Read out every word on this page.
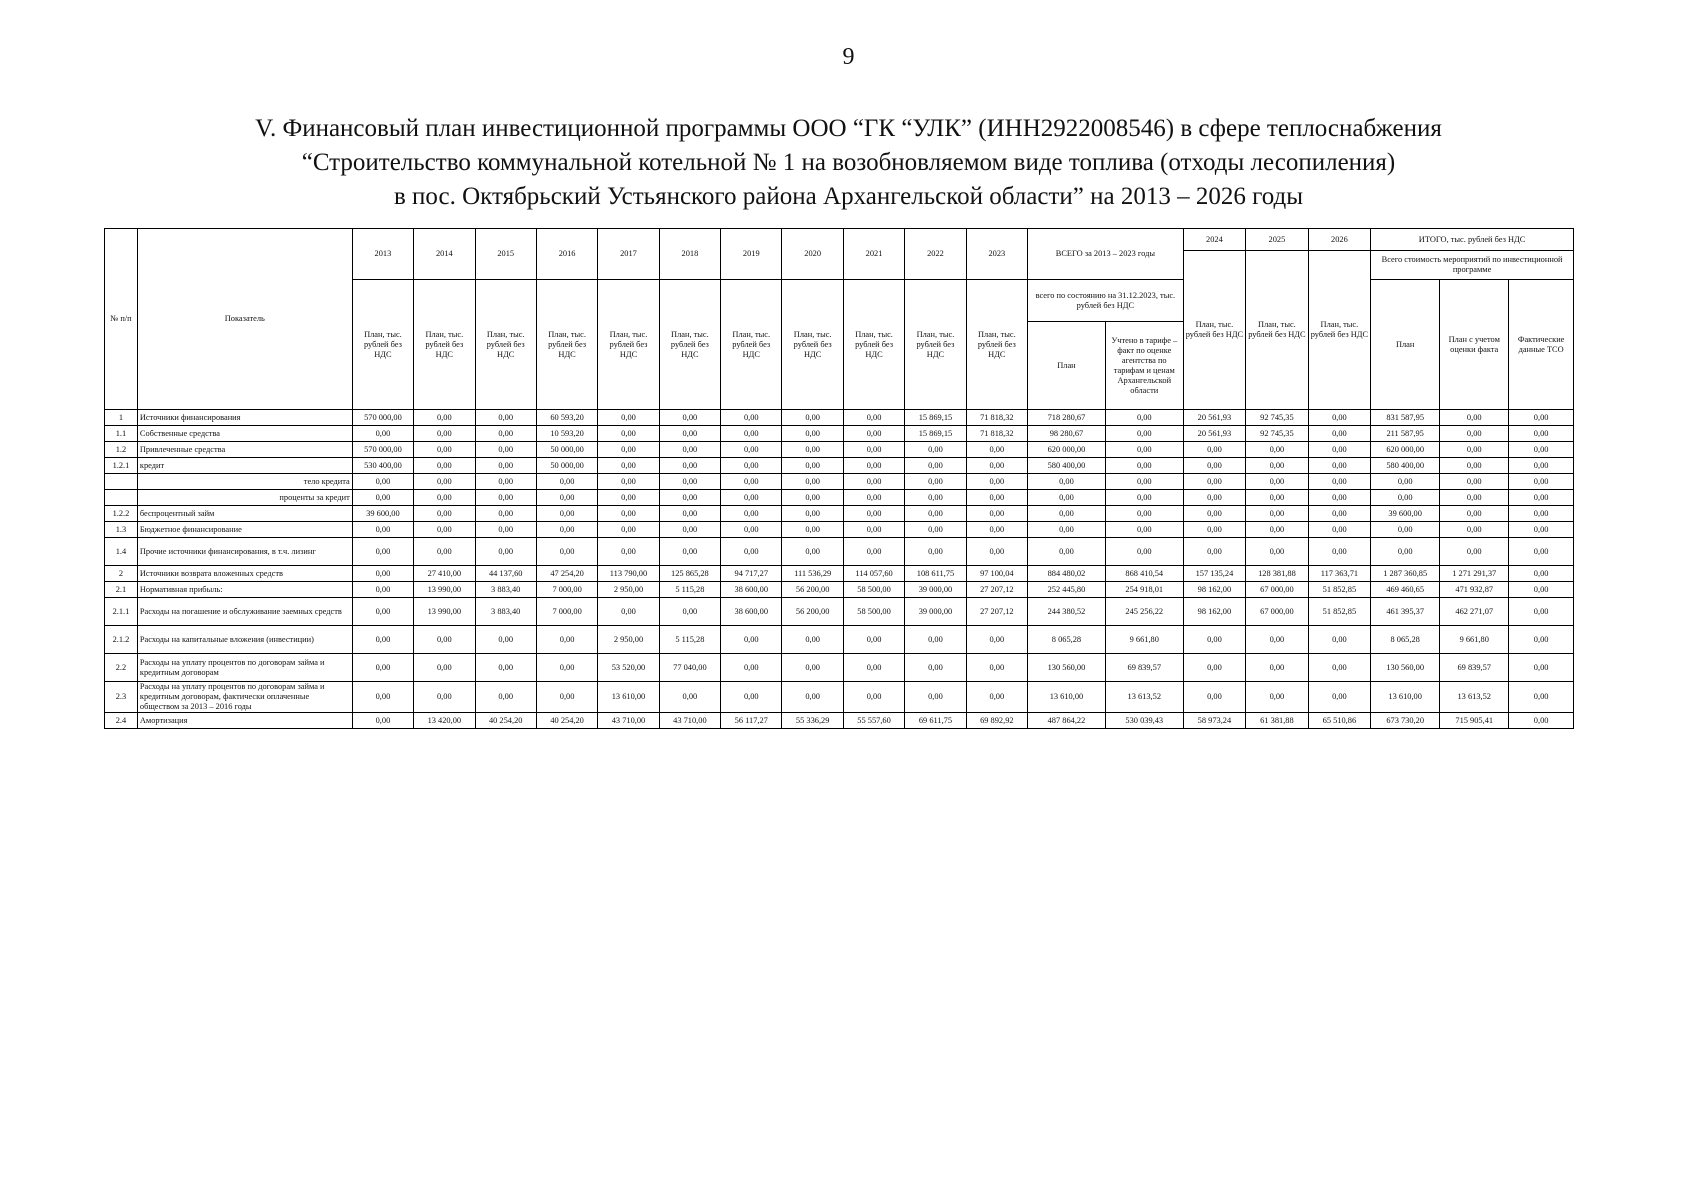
9
V. Финансовый план инвестиционной программы ООО “ГК “УЛК” (ИНН2922008546) в сфере теплоснабжения
“Строительство коммунальной котельной № 1 на возобновляемом виде топлива (отходы лесопиления)
в пос. Октябрьский Устьянского района Архангельской области” на 2013 – 2026 годы
№ п/п	Показатель	2013	2014	2015	2016	2017	2018	2019	2020	2021	2022	2023	ВСЕГО за 2013 – 2023 годы		2024	2025	2026	ИТОГО, тыс. рублей без НДС		
															План, тыс. рублей без НДС	План, тыс. рублей без НДС	План, тыс. рублей без НДС	Всего стоимость мероприятий по инвестиционной программе		
		План, тыс. рублей без НДС	План, тыс. рублей без НДС	План, тыс. рублей без НДС	План, тыс. рублей без НДС	План, тыс. рублей без НДС	План, тыс. рублей без НДС	План, тыс. рублей без НДС	План, тыс. рублей без НДС	План, тыс. рублей без НДС	План, тыс. рублей без НДС	План, тыс. рублей без НДС	всего по состоянию на 31.12.2023, тыс. рублей без НДС					План	План с учетом оценки факта	Фактические данные ТСО
													План	Учтено в тарифе – факт по оценке агентства по тарифам и ценам Архангельской области						
1	Источники финансирования	570 000,00	0,00	0,00	60 593,20	0,00	0,00	0,00	0,00	0,00	15 869,15	71 818,32	718 280,67	0,00	20 561,93	92 745,35	0,00	831 587,95	0,00	0,00
1.1	Собственные средства	0,00	0,00	0,00	10 593,20	0,00	0,00	0,00	0,00	0,00	15 869,15	71 818,32	98 280,67	0,00	20 561,93	92 745,35	0,00	211 587,95	0,00	0,00
1.2	Привлеченные средства	570 000,00	0,00	0,00	50 000,00	0,00	0,00	0,00	0,00	0,00	0,00	0,00	620 000,00	0,00	0,00	0,00	0,00	620 000,00	0,00	0,00
1.2.1	кредит	530 400,00	0,00	0,00	50 000,00	0,00	0,00	0,00	0,00	0,00	0,00	0,00	580 400,00	0,00	0,00	0,00	0,00	580 400,00	0,00	0,00
	тело кредита	0,00	0,00	0,00	0,00	0,00	0,00	0,00	0,00	0,00	0,00	0,00	0,00	0,00	0,00	0,00	0,00	0,00	0,00	0,00
	проценты за кредит	0,00	0,00	0,00	0,00	0,00	0,00	0,00	0,00	0,00	0,00	0,00	0,00	0,00	0,00	0,00	0,00	0,00	0,00	0,00
1.2.2	беспроцентный займ	39 600,00	0,00	0,00	0,00	0,00	0,00	0,00	0,00	0,00	0,00	0,00	0,00	0,00	0,00	0,00	0,00	39 600,00	0,00	0,00
1.3	Бюджетное финансирование	0,00	0,00	0,00	0,00	0,00	0,00	0,00	0,00	0,00	0,00	0,00	0,00	0,00	0,00	0,00	0,00	0,00	0,00	0,00
1.4	Прочие источники финансирования, в т.ч. лизинг	0,00	0,00	0,00	0,00	0,00	0,00	0,00	0,00	0,00	0,00	0,00	0,00	0,00	0,00	0,00	0,00	0,00	0,00	0,00
2	Источники возврата вложенных средств	0,00	27 410,00	44 137,60	47 254,20	113 790,00	125 865,28	94 717,27	111 536,29	114 057,60	108 611,75	97 100,04	884 480,02	868 410,54	157 135,24	128 381,88	117 363,71	1 287 360,85	1 271 291,37	0,00
2.1	Нормативная прибыль:	0,00	13 990,00	3 883,40	7 000,00	2 950,00	5 115,28	38 600,00	56 200,00	58 500,00	39 000,00	27 207,12	252 445,80	254 918,01	98 162,00	67 000,00	51 852,85	469 460,65	471 932,87	0,00
2.1.1	Расходы на погашение и обслуживание заемных средств	0,00	13 990,00	3 883,40	7 000,00	0,00	0,00	38 600,00	56 200,00	58 500,00	39 000,00	27 207,12	244 380,52	245 256,22	98 162,00	67 000,00	51 852,85	461 395,37	462 271,07	0,00
2.1.2	Расходы на капитальные вложения (инвестиции)	0,00	0,00	0,00	0,00	2 950,00	5 115,28	0,00	0,00	0,00	0,00	0,00	8 065,28	9 661,80	0,00	0,00	0,00	8 065,28	9 661,80	0,00
2.2	Расходы на уплату процентов по договорам займа и кредитным договорам	0,00	0,00	0,00	0,00	53 520,00	77 040,00	0,00	0,00	0,00	0,00	0,00	130 560,00	69 839,57	0,00	0,00	0,00	130 560,00	69 839,57	0,00
2.3	Расходы на уплату процентов по договорам займа и кредитным договорам, фактически оплаченные обществом за 2013 – 2016 годы	0,00	0,00	0,00	0,00	13 610,00	0,00	0,00	0,00	0,00	0,00	0,00	13 610,00	13 613,52	0,00	0,00	0,00	13 610,00	13 613,52	0,00
2.4	Амортизация	0,00	13 420,00	40 254,20	40 254,20	43 710,00	43 710,00	56 117,27	55 336,29	55 557,60	69 611,75	69 892,92	487 864,22	530 039,43	58 973,24	61 381,88	65 510,86	673 730,20	715 905,41	0,00
